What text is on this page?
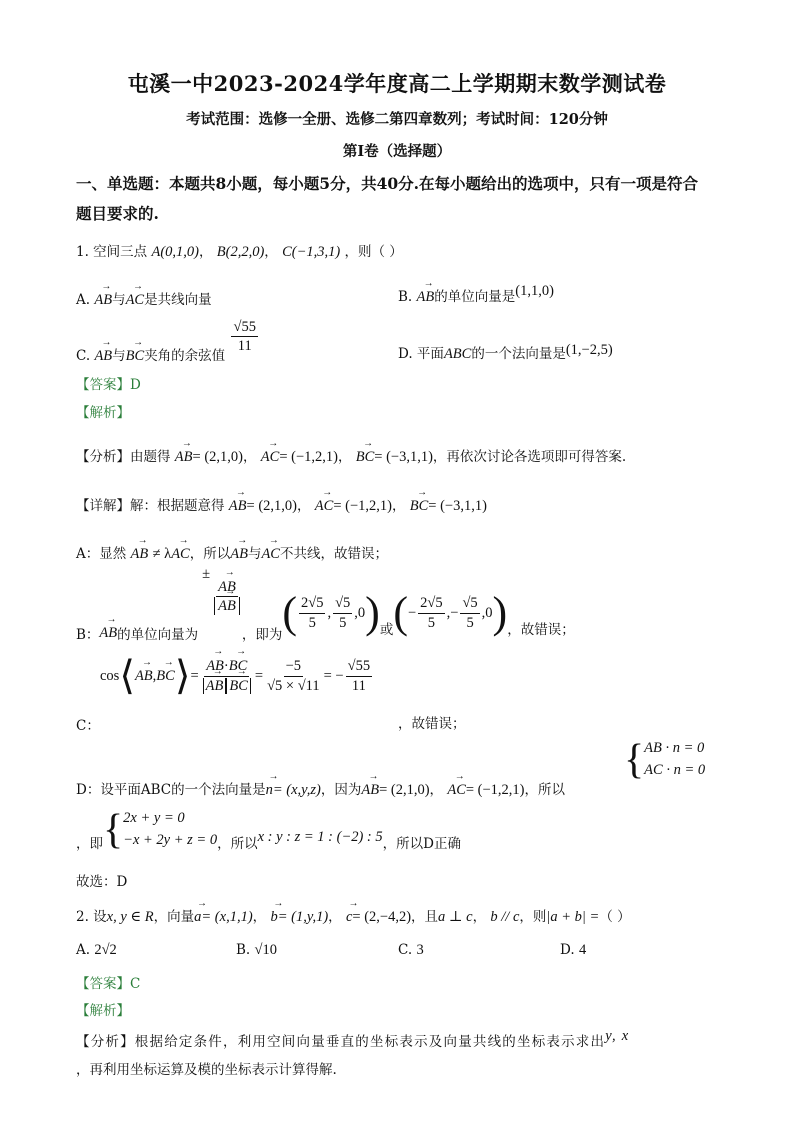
屯溪一中2023-2024学年度高二上学期期末数学测试卷
考试范围：选修一全册、选修二第四章数列；考试时间：120分钟
第I卷（选择题）
一、单选题：本题共8小题，每小题5分，共40分.在每小题给出的选项中，只有一项是符合
题目要求的.
1. 空间三点 A(0,1,0)， B(2,2,0)， C(−1,3,1) ，则（ ）
A. → AB与→ AC是共线向量	B. → AB的单位向量是(1,1,0)
C. → AB与→ BC夹角的余弦值
$\frac{√55}{11}$	D. 平面ABC的一个法向量是(1,−2,5)
【答案】D
【解析】
【分析】由题得 → AB= (2,1,0)， → AC= (−1,2,1)， → BC= (−3,1,1)，再依次讨论各选项即可得答案.
【详解】解：根据题意得 → AB= (2,1,0)， → AC= (−1,2,1)， → BC= (−3,1,1)
A：显然 → AB ≠ λ→ AC，所以→ AB与→ AC不共线，故错误；
B： → AB 的单位向量为
±
→ AB
→ AB
，即为 ( $\frac{2√5}{5}$ , $\frac{√5}{5}$ , 0 ) 或 ( − $\frac{2√5}{5}$ , − $\frac{√5}{5}$ , 0 ) ，故错误；
cos ⟨ → AB , → BC ⟩ = → AB·→ BC
→ AB → BC = $\frac{-5}{√5 \times √11}$ = − $\frac{√55}{11}$
C：	，故错误；
D：设平面ABC的一个法向量是→ n= (x,y,z)，因为→ AB= (2,1,0)， → AC= (−1,2,1)，所以
{ AB · n = 0
AC · n = 0
，即 { 2x + y = 0
−x + 2y + z = 0 ，所以 x : y : z = 1 : (−2) : 5 ，所以D正确
故选：D
2. 设x, y ∈ R，向量→ a= (x,1,1)， → b= (1,y,1)， → c= (2,−4,2)，且a ⊥ c， b // c，则|a + b| =（ ）
A. 2√2	B. √10	C. 3	D. 4
【答案】C
【解析】
【分析】根据给定条件，利用空间向量垂直的坐标表示及向量共线的坐标表示求出y, x
，再利用坐标运算及模的坐标表示计算得解.
